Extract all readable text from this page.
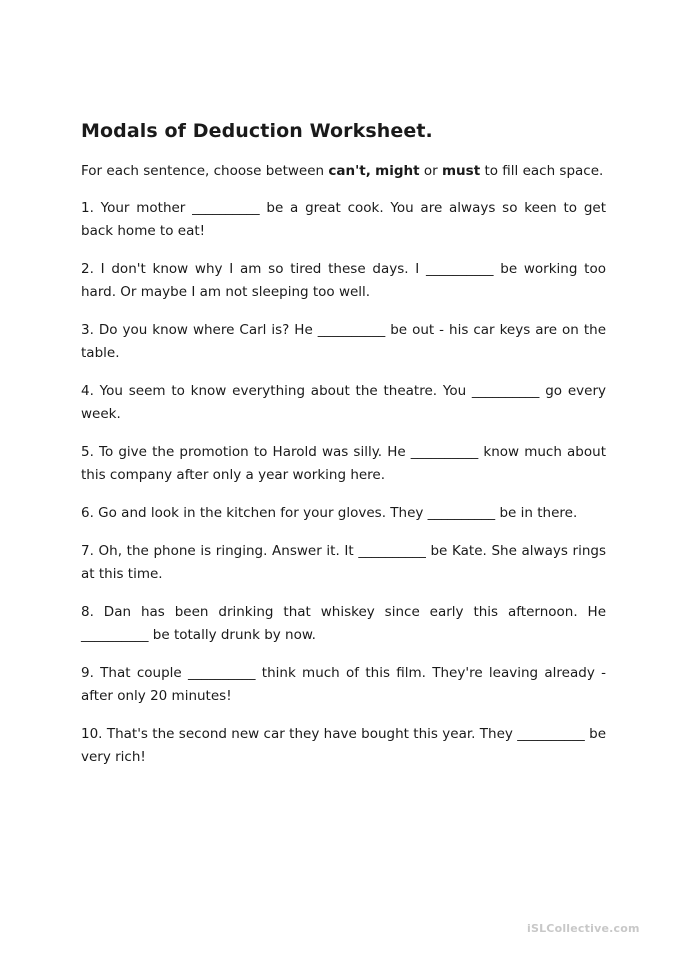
Modals of Deduction Worksheet.

For each sentence, choose between can't, might or must to fill each space.

1. Your mother __________ be a great cook. You are always so keen to get back home to eat!

2. I don't know why I am so tired these days. I __________ be working too hard. Or maybe I am not sleeping too well.

3. Do you know where Carl is? He __________ be out - his car keys are on the table.

4. You seem to know everything about the theatre. You __________ go every week.

5. To give the promotion to Harold was silly. He __________ know much about this company after only a year working here.

6. Go and look in the kitchen for your gloves. They __________ be in there.

7. Oh, the phone is ringing. Answer it. It __________ be Kate. She always rings at this time.

8. Dan has been drinking that whiskey since early this afternoon. He __________ be totally drunk by now.

9. That couple __________ think much of this film. They're leaving already - after only 20 minutes!

10. That's the second new car they have bought this year. They __________ be very rich!

iSLCollective.com
